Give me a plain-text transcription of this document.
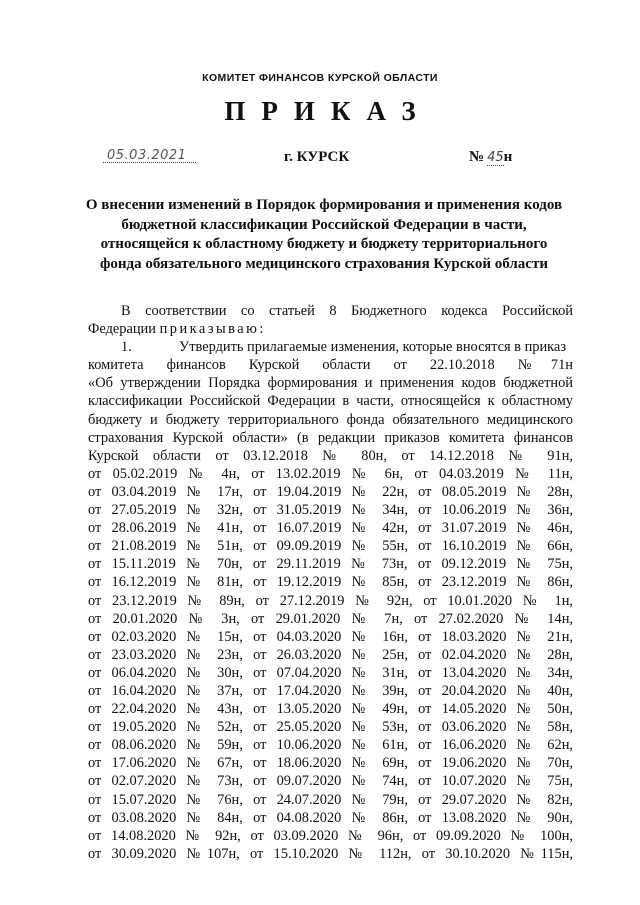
КОМИТЕТ ФИНАНСОВ КУРСКОЙ ОБЛАСТИ
ПРИКАЗ
05.03.2021	г. КУРСК	№ 45н
О внесении изменений в Порядок формирования и применения кодов
бюджетной классификации Российской Федерации в части,
относящейся к областному бюджету и бюджету территориального
фонда обязательного медицинского страхования Курской области
В соответствии со статьей 8 Бюджетного кодекса Российской
Федерации приказываю:
1.	Утвердить прилагаемые изменения, которые вносятся в приказ
комитета финансов Курской области от 22.10.2018 №71н
«Об утверждении Порядка формирования и применения кодов бюджетной
классификации Российской Федерации в части, относящейся к областному
бюджету и бюджету территориального фонда обязательного медицинского
страхования Курской области» (в редакции приказов комитета финансов
Курской области от 03.12.2018 № 80н, от 14.12.2018 № 91н,
от 05.02.2019 № 4н, от 13.02.2019 № 6н, от 04.03.2019 № 11н,
от 03.04.2019 № 17н, от 19.04.2019 № 22н, от 08.05.2019 № 28н,
от 27.05.2019 № 32н, от 31.05.2019 № 34н, от 10.06.2019 № 36н,
от 28.06.2019 № 41н, от 16.07.2019 № 42н, от 31.07.2019 № 46н,
от 21.08.2019 № 51н, от 09.09.2019 № 55н, от 16.10.2019 № 66н,
от 15.11.2019 № 70н, от 29.11.2019 № 73н, от 09.12.2019 № 75н,
от 16.12.2019 № 81н, от 19.12.2019 № 85н, от 23.12.2019 № 86н,
от 23.12.2019 № 89н, от 27.12.2019 № 92н, от 10.01.2020 № 1н,
от 20.01.2020 № 3н, от 29.01.2020 № 7н, от 27.02.2020 № 14н,
от 02.03.2020 № 15н, от 04.03.2020 № 16н, от 18.03.2020 № 21н,
от 23.03.2020 № 23н, от 26.03.2020 № 25н, от 02.04.2020 № 28н,
от 06.04.2020 № 30н, от 07.04.2020 № 31н, от 13.04.2020 № 34н,
от 16.04.2020 № 37н, от 17.04.2020 № 39н, от 20.04.2020 № 40н,
от 22.04.2020 № 43н, от 13.05.2020 № 49н, от 14.05.2020 № 50н,
от 19.05.2020 № 52н, от 25.05.2020 № 53н, от 03.06.2020 № 58н,
от 08.06.2020 № 59н, от 10.06.2020 № 61н, от 16.06.2020 № 62н,
от 17.06.2020 № 67н, от 18.06.2020 № 69н, от 19.06.2020 № 70н,
от 02.07.2020 № 73н, от 09.07.2020 № 74н, от 10.07.2020 № 75н,
от 15.07.2020 № 76н, от 24.07.2020 № 79н, от 29.07.2020 № 82н,
от 03.08.2020 № 84н, от 04.08.2020 № 86н, от 13.08.2020 № 90н,
от 14.08.2020 № 92н, от 03.09.2020 № 96н, от 09.09.2020 № 100н,
от 30.09.2020 №107н, от 15.10.2020 № 112н, от 30.10.2020 №115н,
